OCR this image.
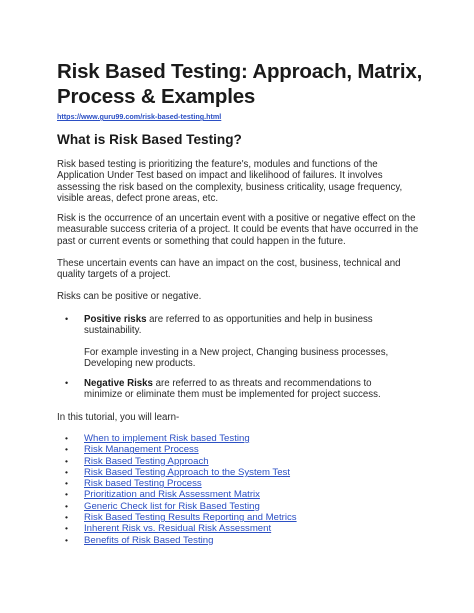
Risk Based Testing: Approach, Matrix, Process & Examples
https://www.guru99.com/risk-based-testing.html
What is Risk Based Testing?
Risk based testing is prioritizing the feature's, modules and functions of the Application Under Test based on impact and likelihood of failures. It involves assessing the risk based on the complexity, business criticality, usage frequency, visible areas, defect prone areas, etc.
Risk is the occurrence of an uncertain event with a positive or negative effect on the measurable success criteria of a project. It could be events that have occurred in the past or current events or something that could happen in the future.
These uncertain events can have an impact on the cost, business, technical and quality targets of a project.
Risks can be positive or negative.
• Positive risks are referred to as opportunities and help in business sustainability.
For example investing in a New project, Changing business processes, Developing new products.
• Negative Risks are referred to as threats and recommendations to minimize or eliminate them must be implemented for project success.
In this tutorial, you will learn-
• When to implement Risk based Testing
• Risk Management Process
• Risk Based Testing Approach
• Risk Based Testing Approach to the System Test
• Risk based Testing Process
• Prioritization and Risk Assessment Matrix
• Generic Check list for Risk Based Testing
• Risk Based Testing Results Reporting and Metrics
• Inherent Risk vs. Residual Risk Assessment
• Benefits of Risk Based Testing
